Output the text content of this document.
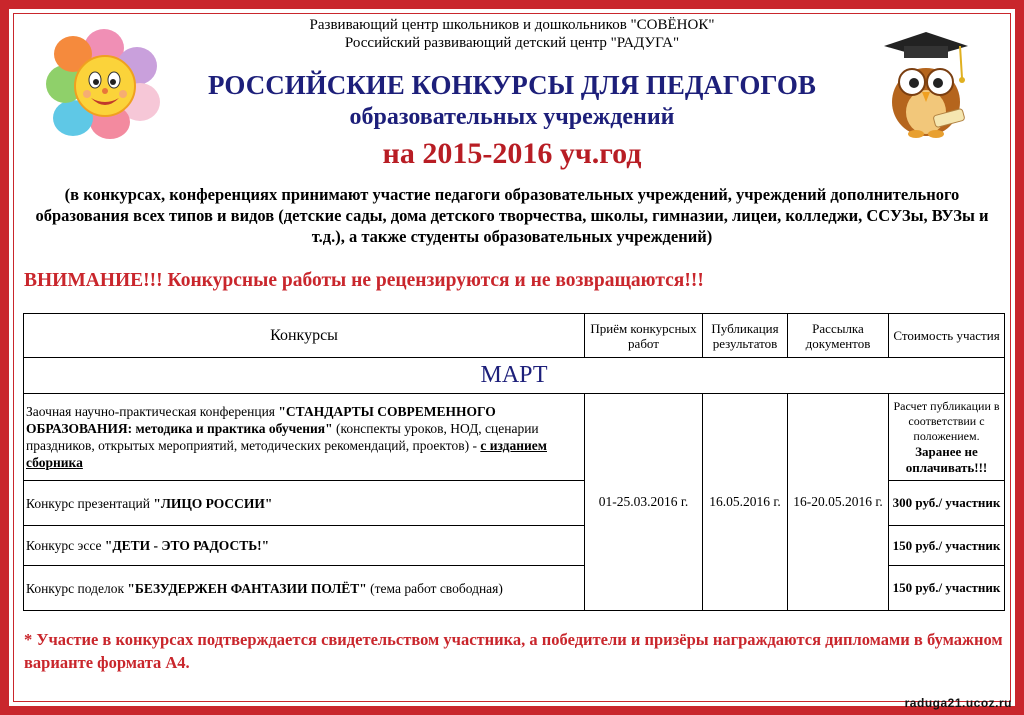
Развивающий центр школьников и дошкольников "СОВЁНОК"
Российский развивающий детский центр "РАДУГА"
РОССИЙСКИЕ КОНКУРСЫ ДЛЯ ПЕДАГОГОВ
образовательных учреждений
на 2015-2016 уч.год
(в конкурсах, конференциях принимают участие педагоги образовательных учреждений, учреждений дополнительного образования всех типов и видов (детские сады, дома детского творчества, школы, гимназии, лицеи, колледжи, ССУЗы, ВУЗы и т.д.), а также студенты образовательных учреждений)
ВНИМАНИЕ!!! Конкурсные работы не рецензируются и не возвращаются!!!
Конкурсы	Приём конкурсных работ	Публикация результатов	Рассылка документов	Стоимость участия
МАРТ				
Заочная научно-практическая конференция "СТАНДАРТЫ СОВРЕМЕННОГО ОБРАЗОВАНИЯ: методика и практика обучения" (конспекты уроков, НОД, сценарии праздников, открытых мероприятий, методических рекомендаций, проектов) - с изданием сборника	01-25.03.2016 г.	16.05.2016 г.	16-20.05.2016 г.	Расчет публикации в соответствии с положением.
Заранее не оплачивать!!!
Конкурс презентаций "ЛИЦО РОССИИ"				300 руб./ участник
Конкурс эссе "ДЕТИ - ЭТО РАДОСТЬ!"				150 руб./ участник
Конкурс поделок "БЕЗУДЕРЖЕН ФАНТАЗИИ ПОЛЁТ" (тема работ свободная)				150 руб./ участник
* Участие в конкурсах подтверждается свидетельством участника, а победители и призёры награждаются дипломами в бумажном варианте формата А4.
raduga21.ucoz.ru
